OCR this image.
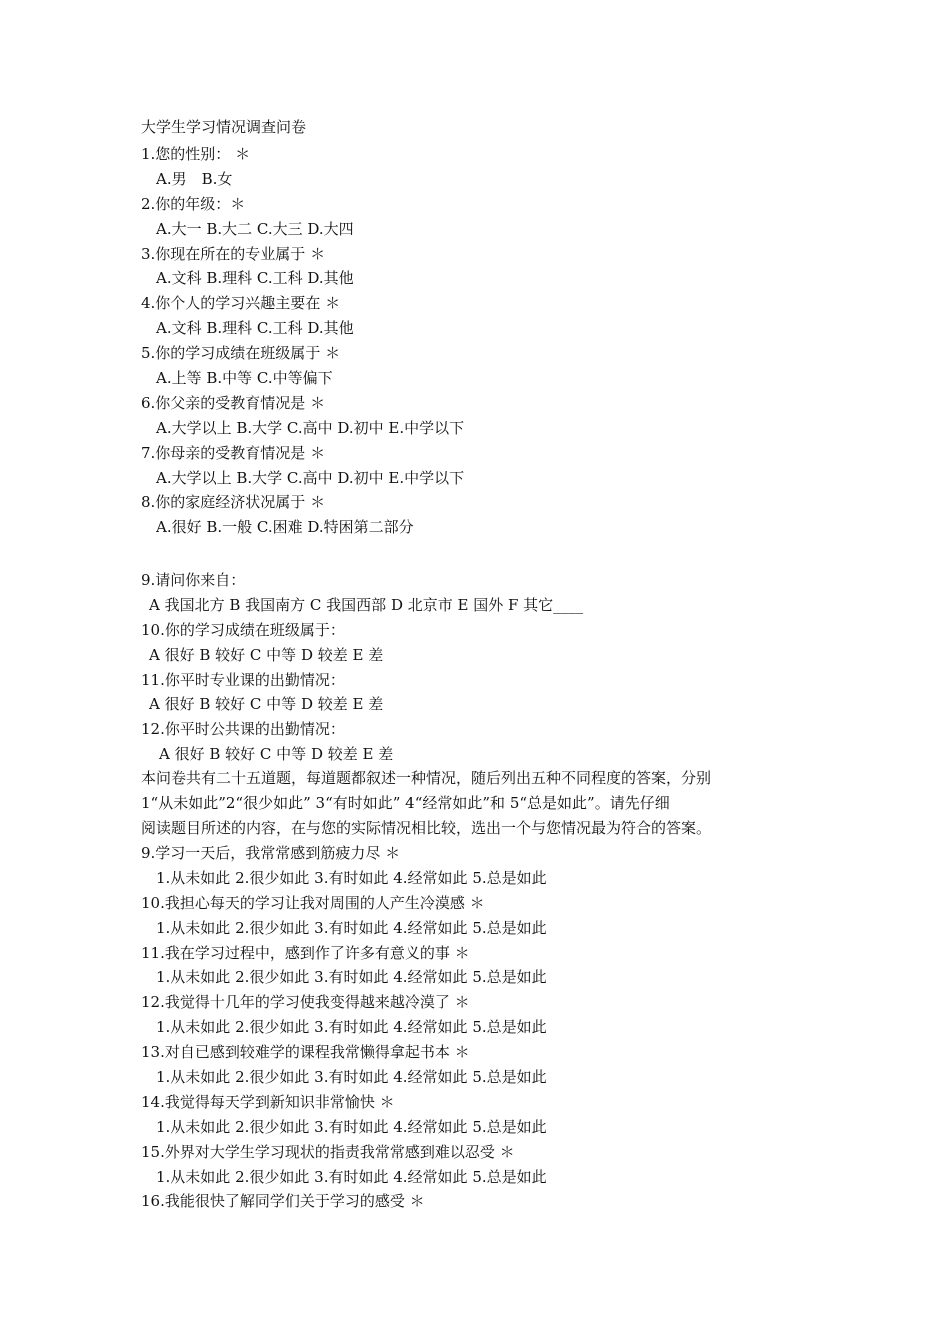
大学生学习情况调查问卷
1.您的性别： ＊
A.男　B.女
2.你的年级：＊
A.大一 B.大二 C.大三 D.大四
3.你现在所在的专业属于 ＊
A.文科 B.理科 C.工科 D.其他
4.你个人的学习兴趣主要在 ＊
A.文科 B.理科 C.工科 D.其他
5.你的学习成绩在班级属于 ＊
A.上等 B.中等 C.中等偏下
6.你父亲的受教育情况是 ＊
A.大学以上 B.大学 C.高中 D.初中 E.中学以下
7.你母亲的受教育情况是 ＊
A.大学以上 B.大学 C.高中 D.初中 E.中学以下
8.你的家庭经济状况属于 ＊
A.很好 B.一般 C.困难 D.特困第二部分
9.请问你来自：
A 我国北方 B 我国南方 C 我国西部 D 北京市 E 国外 F 其它____
10.你的学习成绩在班级属于：
A 很好 B 较好 C 中等 D 较差 E 差
11.你平时专业课的出勤情况：
A 很好 B 较好 C 中等 D 较差 E 差
12.你平时公共课的出勤情况：
A 很好 B 较好 C 中等 D 较差 E 差
本问卷共有二十五道题，每道题都叙述一种情况，随后列出五种不同程度的答案，分别
1“从未如此”2“很少如此” 3“有时如此” 4“经常如此”和 5“总是如此”。请先仔细
阅读题目所述的内容，在与您的实际情况相比较，选出一个与您情况最为符合的答案。
9.学习一天后，我常常感到筋疲力尽 ＊
1.从未如此 2.很少如此 3.有时如此 4.经常如此 5.总是如此
10.我担心每天的学习让我对周围的人产生冷漠感 ＊
1.从未如此 2.很少如此 3.有时如此 4.经常如此 5.总是如此
11.我在学习过程中，感到作了许多有意义的事 ＊
1.从未如此 2.很少如此 3.有时如此 4.经常如此 5.总是如此
12.我觉得十几年的学习使我变得越来越冷漠了 ＊
1.从未如此 2.很少如此 3.有时如此 4.经常如此 5.总是如此
13.对自已感到较难学的课程我常懒得拿起书本 ＊
1.从未如此 2.很少如此 3.有时如此 4.经常如此 5.总是如此
14.我觉得每天学到新知识非常愉快 ＊
1.从未如此 2.很少如此 3.有时如此 4.经常如此 5.总是如此
15.外界对大学生学习现状的指责我常常感到难以忍受 ＊
1.从未如此 2.很少如此 3.有时如此 4.经常如此 5.总是如此
16.我能很快了解同学们关于学习的感受 ＊
